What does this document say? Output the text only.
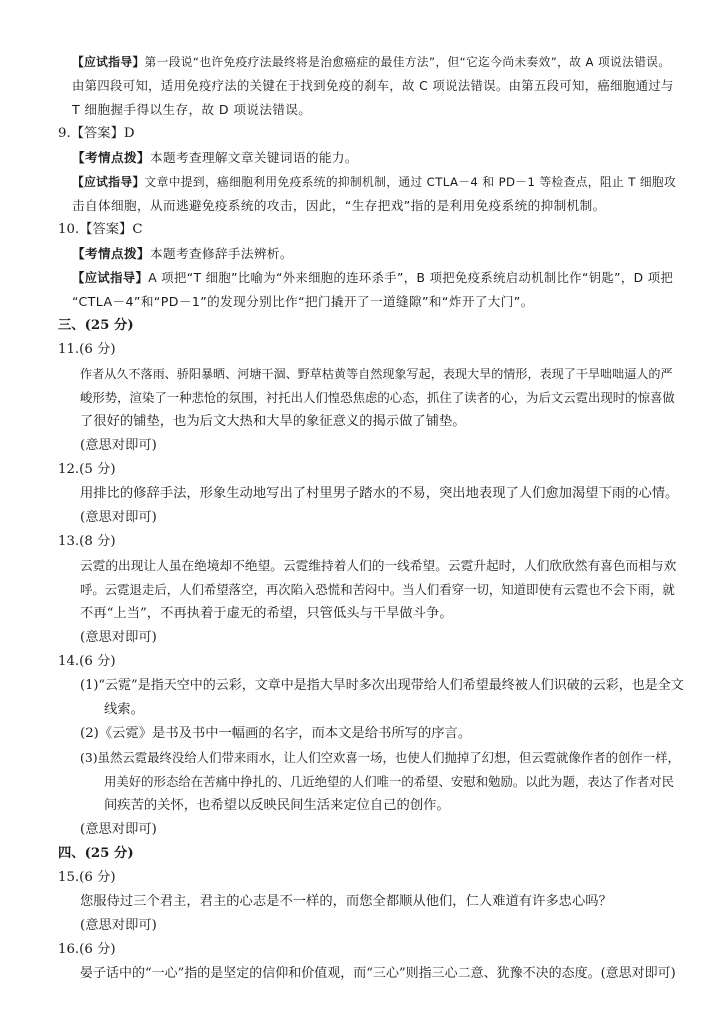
【应试指导】第一段说“也许免疫疗法最终将是治愈癌症的最佳方法”，但“它迄今尚未奏效”，故 A 项说法错误。
由第四段可知，适用免疫疗法的关键在于找到免疫的刹车，故 C 项说法错误。由第五段可知，癌细胞通过与
T 细胞握手得以生存，故 D 项说法错误。
9.【答案】D
【考情点拨】本题考查理解文章关键词语的能力。
【应试指导】文章中提到，癌细胞利用免疫系统的抑制机制，通过 CTLA－4 和 PD－1 等检查点，阻止 T 细胞攻
击自体细胞，从而逃避免疫系统的攻击，因此，“生存把戏”指的是利用免疫系统的抑制机制。
10.【答案】C
【考情点拨】本题考查修辞手法辨析。
【应试指导】A 项把“T 细胞”比喻为“外来细胞的连环杀手”，B 项把免疫系统启动机制比作“钥匙”，D 项把
“CTLA－4”和“PD－1”的发现分别比作“把门撬开了一道缝隙”和“炸开了大门”。
三、(25 分)
11.(6 分)
作者从久不落雨、骄阳暴晒、河塘干涸、野草枯黄等自然现象写起，表现大旱的情形，表现了干旱咄咄逼人的严
峻形势，渲染了一种悲怆的氛围，衬托出人们惶恐焦虑的心态，抓住了读者的心，为后文云霓出现时的惊喜做
了很好的铺垫，也为后文大热和大旱的象征意义的揭示做了铺垫。
(意思对即可)
12.(5 分)
用排比的修辞手法，形象生动地写出了村里男子踏水的不易，突出地表现了人们愈加渴望下雨的心情。
(意思对即可)
13.(8 分)
云霓的出现让人虽在绝境却不绝望。云霓维持着人们的一线希望。云霓升起时，人们欣欣然有喜色而相与欢
呼。云霓退走后，人们希望落空，再次陷入恐慌和苦闷中。当人们看穿一切，知道即使有云霓也不会下雨，就
不再“上当”，不再执着于虚无的希望，只管低头与干旱做斗争。
(意思对即可)
14.(6 分)
(1)“云霓”是指天空中的云彩，文章中是指大旱时多次出现带给人们希望最终被人们识破的云彩，也是全文
线索。
(2)《云霓》是书及书中一幅画的名字，而本文是给书所写的序言。
(3)虽然云霓最终没给人们带来雨水，让人们空欢喜一场，也使人们抛掉了幻想，但云霓就像作者的创作一样，
用美好的形态给在苦痛中挣扎的、几近绝望的人们唯一的希望、安慰和勉励。以此为题，表达了作者对民
间疾苦的关怀，也希望以反映民间生活来定位自己的创作。
(意思对即可)
四、(25 分)
15.(6 分)
您服侍过三个君主，君主的心志是不一样的，而您全都顺从他们，仁人难道有许多忠心吗？
(意思对即可)
16.(6 分)
晏子话中的“一心”指的是坚定的信仰和价值观，而“三心”则指三心二意、犹豫不决的态度。(意思对即可)
